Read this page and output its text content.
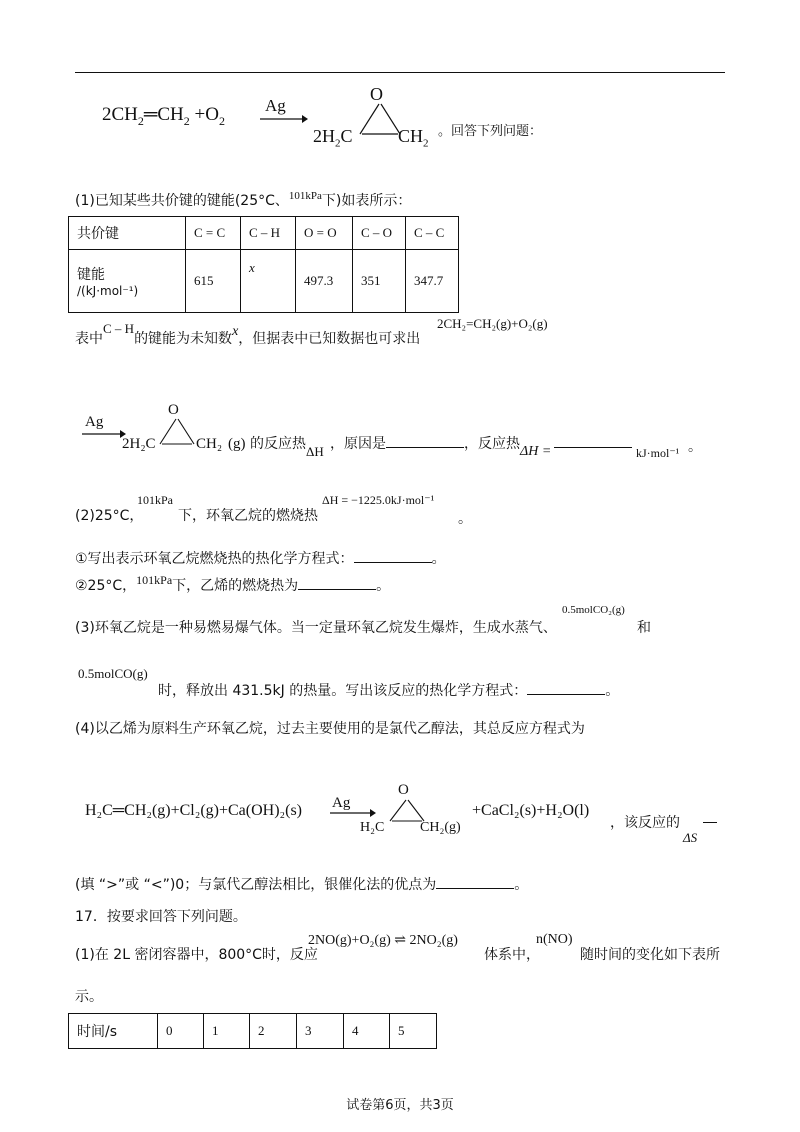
$2CH_2═CH_2 +O_2$
Ag
O
$2H_2C$	$CH_2$
。回答下列问题：
(1)已知某些共价键的键能(25°C、$^{101kPa}$下)如表所示：
共价键	C = C	C – H	O = O	C – O	C – C

键能
/(kJ·mol⁻¹)	615	x	497.3	351	347.7
表中C – H的键能为未知数x，但据表中已知数据也可求出
2CH₂=CH₂(g)+O₂(g)
Ag
O
2H₂C	CH₂ (g) 的反应热 ΔH ，原因是	，反应热 ΔH =	kJ·mol⁻¹ 。
(2)25°C，
101kPa
下，环氧乙烷的燃烧热
ΔH = −1225.0kJ·mol⁻¹
。
①写出表示环氧乙烷燃烧热的热化学方程式：	。
②25°C，101kPa下，乙烯的燃烧热为	。
(3)环氧乙烷是一种易燃易爆气体。当一定量环氧乙烷发生爆炸，生成水蒸气、
0.5molCO₂(g)
和
0.5molCO(g)
时，释放出 431.5kJ 的热量。写出该反应的热化学方程式：	。
(4)以乙烯为原料生产环氧乙烷，过去主要使用的是氯代乙醇法，其总反应方程式为
H₂C═CH₂(g)+Cl₂(g)+Ca(OH)₂(s) Ag
O
H₂C	CH₂(g)
+CaCl₂(s)+H₂O(l)
，该反应的
ΔS
(填 “>”或 “<”)0；与氯代乙醇法相比，银催化法的优点为	。
17．按要求回答下列问题。
(1)在 2L 密闭容器中，800°C时，反应
2NO(g)+O₂(g) ⇌ 2NO₂(g)
体系中，
n(NO)
随时间的变化如下表所
示。
时间/s	0	1	2	3	4	5
试卷第6页，共3页
